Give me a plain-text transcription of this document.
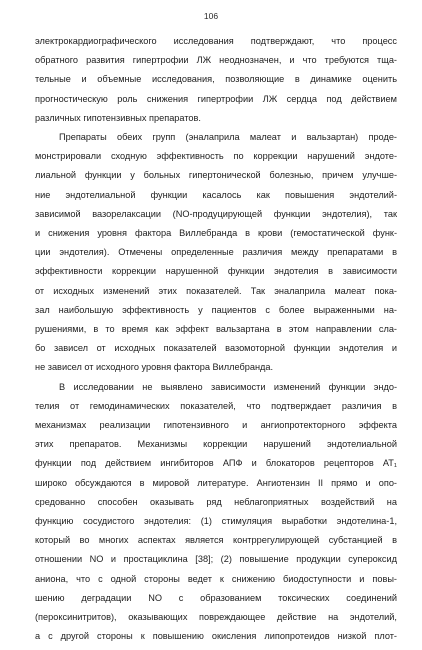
106
электрокардиографического исследования подтверждают, что процесс
обратного развития гипертрофии ЛЖ неоднозначен, и что требуются тща-
тельные и объемные исследования, позволяющие в динамике оценить
прогностическую роль снижения гипертрофии ЛЖ сердца под действием
различных гипотензивных препаратов.
Препараты обеих групп (эналаприла малеат и вальзартан) проде-
монстрировали сходную эффективность по коррекции нарушений эндоте-
лиальной функции у больных гипертонической болезнью, причем улучше-
ние эндотелиальной функции касалось как повышения эндотелий-
зависимой вазорелаксации (NO-продуцирующей функции эндотелия), так
и снижения уровня фактора Виллебранда в крови (гемостатической функ-
ции эндотелия). Отмечены определенные различия между препаратами в
эффективности коррекции нарушенной функции эндотелия в зависимости
от исходных изменений этих показателей. Так эналаприла малеат пока-
зал наибольшую эффективность у пациентов с более выраженными на-
рушениями, в то время как эффект вальзартана в этом направлении сла-
бо зависел от исходных показателей вазомоторной функции эндотелия и
не зависел от исходного уровня фактора Виллебранда.
В исследовании не выявлено зависимости изменений функции эндо-
телия от гемодинамических показателей, что подтверждает различия в
механизмах реализации гипотензивного и ангиопротекторного эффекта
этих препаратов. Механизмы коррекции нарушений эндотелиальной
функции под действием ингибиторов АПФ и блокаторов рецепторов АТ₁
широко обсуждаются в мировой литературе. Ангиотензин II прямо и опо-
средованно способен оказывать ряд неблагоприятных воздействий на
функцию сосудистого эндотелия: (1) стимуляция выработки эндотелина-1,
который во многих аспектах является контррегулирующей субстанцией в
отношении NO и простациклина [38]; (2) повышение продукции супероксид
аниона, что с одной стороны ведет к снижению биодоступности и повы-
шению деградации NO с образованием токсических соединений
(пероксинитритов), оказывающих повреждающее действие на эндотелий,
а с другой стороны к повышению окисления липопротеидов низкой плот-
